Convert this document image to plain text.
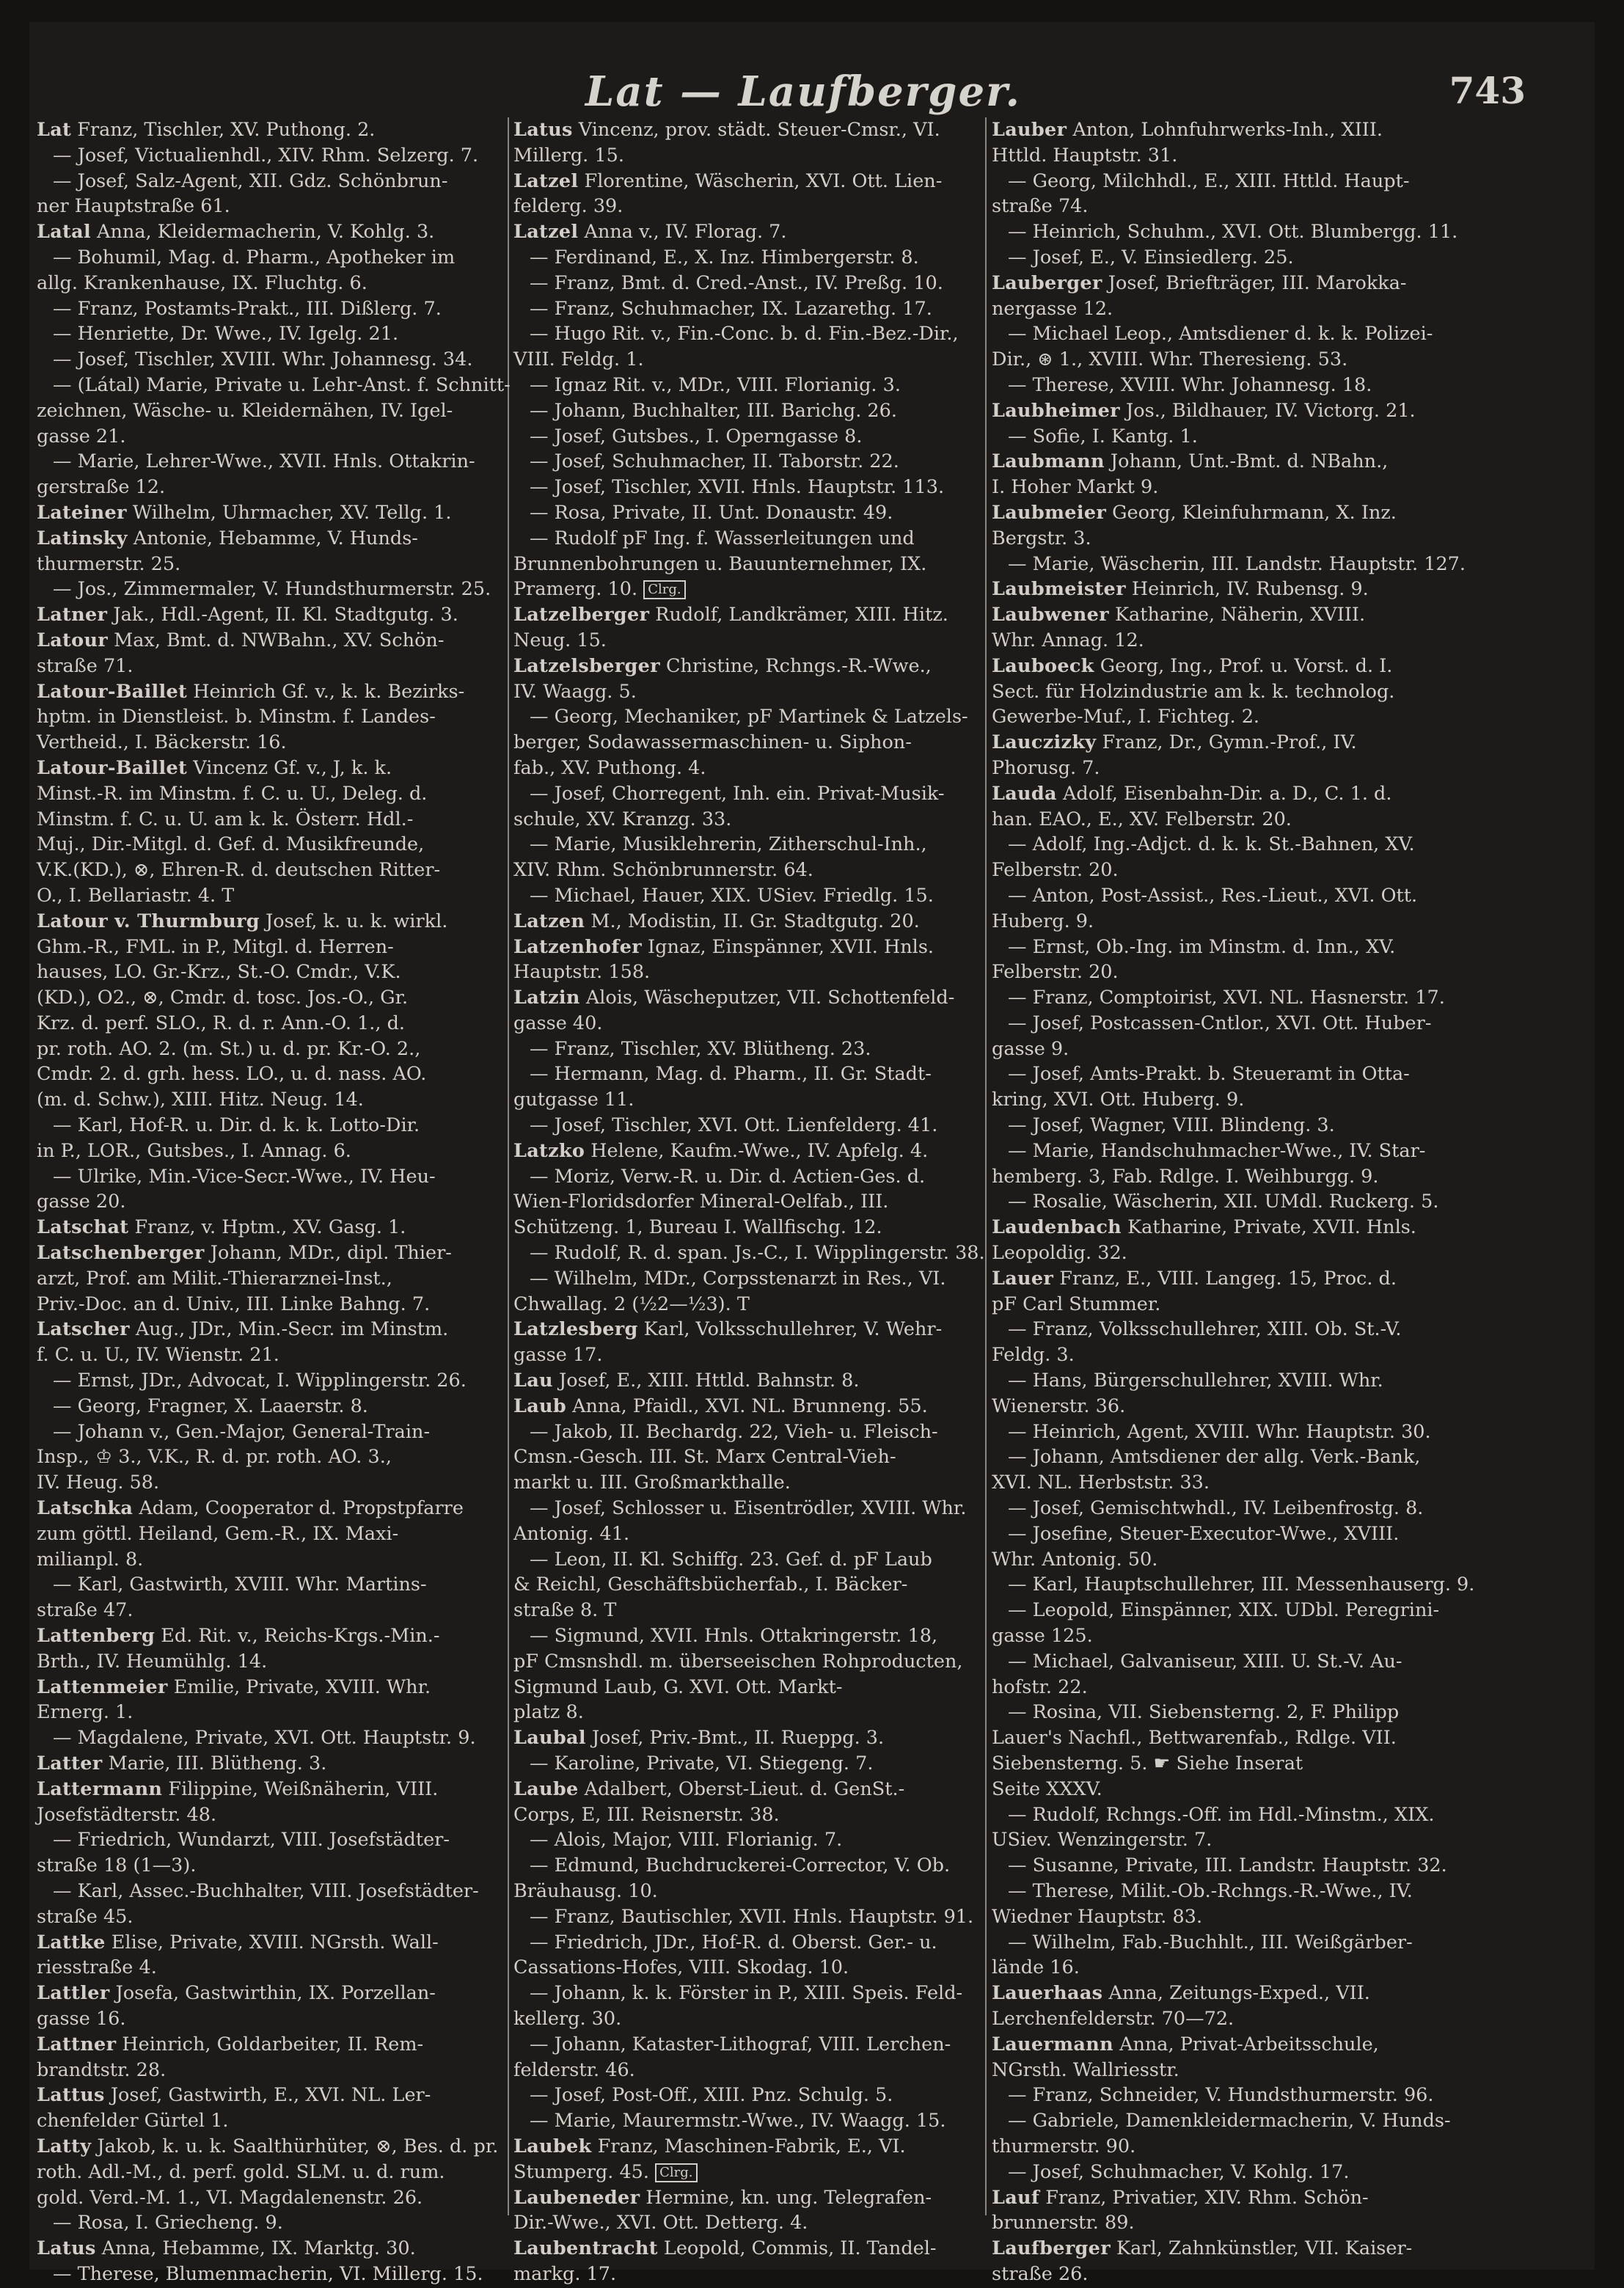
Lat — Laufberger.	743
Lat Franz, Tischler, XV. Puthong. 2.
— Josef, Victualienhdl., XIV. Rhm. Selzerg. 7.
— Josef, Salz-Agent, XII. Gdz. Schönbrun-
ner Hauptstraße 61.
Latal Anna, Kleidermacherin, V. Kohlg. 3.
— Bohumil, Mag. d. Pharm., Apotheker im
allg. Krankenhause, IX. Fluchtg. 6.
— Franz, Postamts-Prakt., III. Dißlerg. 7.
— Henriette, Dr. Wwe., IV. Igelg. 21.
— Josef, Tischler, XVIII. Whr. Johannesg. 34.
— (Látal) Marie, Private u. Lehr-Anst. f. Schnitt-
zeichnen, Wäsche- u. Kleidernähen, IV. Igel-
gasse 21.
— Marie, Lehrer-Wwe., XVII. Hnls. Ottakrin-
gerstraße 12.
Lateiner Wilhelm, Uhrmacher, XV. Tellg. 1.
Latinsky Antonie, Hebamme, V. Hunds-
thurmerstr. 25.
— Jos., Zimmermaler, V. Hundsthurmerstr. 25.
Latner Jak., Hdl.-Agent, II. Kl. Stadtgutg. 3.
Latour Max, Bmt. d. NWBahn., XV. Schön-
straße 71.
Latour-Baillet Heinrich Gf. v., k. k. Bezirks-
hptm. in Dienstleist. b. Minstm. f. Landes-
Vertheid., I. Bäckerstr. 16.
Latour-Baillet Vincenz Gf. v., J, k. k.
Minst.-R. im Minstm. f. C. u. U., Deleg. d.
Minstm. f. C. u. U. am k. k. Österr. Hdl.-
Muj., Dir.-Mitgl. d. Gef. d. Musikfreunde,
V.K.(KD.), ⊗, Ehren-R. d. deutschen Ritter-
O., I. Bellariastr. 4. T
Latour v. Thurmburg Josef, k. u. k. wirkl.
Ghm.-R., FML. in P., Mitgl. d. Herren-
hauses, LO. Gr.-Krz., St.-O. Cmdr., V.K.
(KD.), O2., ⊗, Cmdr. d. tosc. Jos.-O., Gr.
Krz. d. perf. SLO., R. d. r. Ann.-O. 1., d.
pr. roth. AO. 2. (m. St.) u. d. pr. Kr.-O. 2.,
Cmdr. 2. d. grh. hess. LO., u. d. nass. AO.
(m. d. Schw.), XIII. Hitz. Neug. 14.
— Karl, Hof-R. u. Dir. d. k. k. Lotto-Dir.
in P., LOR., Gutsbes., I. Annag. 6.
— Ulrike, Min.-Vice-Secr.-Wwe., IV. Heu-
gasse 20.
Latschat Franz, v. Hptm., XV. Gasg. 1.
Latschenberger Johann, MDr., dipl. Thier-
arzt, Prof. am Milit.-Thierarznei-Inst.,
Priv.-Doc. an d. Univ., III. Linke Bahng. 7.
Latscher Aug., JDr., Min.-Secr. im Minstm.
f. C. u. U., IV. Wienstr. 21.
— Ernst, JDr., Advocat, I. Wipplingerstr. 26.
— Georg, Fragner, X. Laaerstr. 8.
— Johann v., Gen.-Major, General-Train-
Insp., ♔ 3., V.K., R. d. pr. roth. AO. 3.,
IV. Heug. 58.
Latschka Adam, Cooperator d. Propstpfarre
zum göttl. Heiland, Gem.-R., IX. Maxi-
milianpl. 8.
— Karl, Gastwirth, XVIII. Whr. Martins-
straße 47.
Lattenberg Ed. Rit. v., Reichs-Krgs.-Min.-
Brth., IV. Heumühlg. 14.
Lattenmeier Emilie, Private, XVIII. Whr.
Ernerg. 1.
— Magdalene, Private, XVI. Ott. Hauptstr. 9.
Latter Marie, III. Blütheng. 3.
Lattermann Filippine, Weißnäherin, VIII.
Josefstädterstr. 48.
— Friedrich, Wundarzt, VIII. Josefstädter-
straße 18 (1—3).
— Karl, Assec.-Buchhalter, VIII. Josefstädter-
straße 45.
Lattke Elise, Private, XVIII. NGrsth. Wall-
riesstraße 4.
Lattler Josefa, Gastwirthin, IX. Porzellan-
gasse 16.
Lattner Heinrich, Goldarbeiter, II. Rem-
brandtstr. 28.
Lattus Josef, Gastwirth, E., XVI. NL. Ler-
chenfelder Gürtel 1.
Latty Jakob, k. u. k. Saalthürhüter, ⊗, Bes. d. pr.
roth. Adl.-M., d. perf. gold. SLM. u. d. rum.
gold. Verd.-M. 1., VI. Magdalenenstr. 26.
— Rosa, I. Griecheng. 9.
Latus Anna, Hebamme, IX. Marktg. 30.
— Therese, Blumenmacherin, VI. Millerg. 15.
Latus Vincenz, prov. städt. Steuer-Cmsr., VI.
Millerg. 15.
Latzel Florentine, Wäscherin, XVI. Ott. Lien-
felderg. 39.
Latzel Anna v., IV. Florag. 7.
— Ferdinand, E., X. Inz. Himbergerstr. 8.
— Franz, Bmt. d. Cred.-Anst., IV. Preßg. 10.
— Franz, Schuhmacher, IX. Lazarethg. 17.
— Hugo Rit. v., Fin.-Conc. b. d. Fin.-Bez.-Dir.,
VIII. Feldg. 1.
— Ignaz Rit. v., MDr., VIII. Florianig. 3.
— Johann, Buchhalter, III. Barichg. 26.
— Josef, Gutsbes., I. Operngasse 8.
— Josef, Schuhmacher, II. Taborstr. 22.
— Josef, Tischler, XVII. Hnls. Hauptstr. 113.
— Rosa, Private, II. Unt. Donaustr. 49.
— Rudolf pF Ing. f. Wasserleitungen und
Brunnenbohrungen u. Bauunternehmer, IX.
Pramerg. 10. Clrg.
Latzelberger Rudolf, Landkrämer, XIII. Hitz.
Neug. 15.
Latzelsberger Christine, Rchngs.-R.-Wwe.,
IV. Waagg. 5.
— Georg, Mechaniker, pF Martinek & Latzels-
berger, Sodawassermaschinen- u. Siphon-
fab., XV. Puthong. 4.
— Josef, Chorregent, Inh. ein. Privat-Musik-
schule, XV. Kranzg. 33.
— Marie, Musiklehrerin, Zitherschul-Inh.,
XIV. Rhm. Schönbrunnerstr. 64.
— Michael, Hauer, XIX. USiev. Friedlg. 15.
Latzen M., Modistin, II. Gr. Stadtgutg. 20.
Latzenhofer Ignaz, Einspänner, XVII. Hnls.
Hauptstr. 158.
Latzin Alois, Wäscheputzer, VII. Schottenfeld-
gasse 40.
— Franz, Tischler, XV. Blütheng. 23.
— Hermann, Mag. d. Pharm., II. Gr. Stadt-
gutgasse 11.
— Josef, Tischler, XVI. Ott. Lienfelderg. 41.
Latzko Helene, Kaufm.-Wwe., IV. Apfelg. 4.
— Moriz, Verw.-R. u. Dir. d. Actien-Ges. d.
Wien-Floridsdorfer Mineral-Oelfab., III.
Schützeng. 1, Bureau I. Wallfischg. 12.
— Rudolf, R. d. span. Js.-C., I. Wipplingerstr. 38.
— Wilhelm, MDr., Corpsstenarzt in Res., VI.
Chwallag. 2 (½2—½3). T
Latzlesberg Karl, Volksschullehrer, V. Wehr-
gasse 17.
Lau Josef, E., XIII. Httld. Bahnstr. 8.
Laub Anna, Pfaidl., XVI. NL. Brunneng. 55.
— Jakob, II. Bechardg. 22, Vieh- u. Fleisch-
Cmsn.-Gesch. III. St. Marx Central-Vieh-
markt u. III. Großmarkthalle.
— Josef, Schlosser u. Eisentrödler, XVIII. Whr.
Antonig. 41.
— Leon, II. Kl. Schiffg. 23. Gef. d. pF Laub
& Reichl, Geschäftsbücherfab., I. Bäcker-
straße 8. T
— Sigmund, XVII. Hnls. Ottakringerstr. 18,
pF Cmsnshdl. m. überseeischen Rohproducten,
Sigmund Laub, G. XVI. Ott. Markt-
platz 8.
Laubal Josef, Priv.-Bmt., II. Rueppg. 3.
— Karoline, Private, VI. Stiegeng. 7.
Laube Adalbert, Oberst-Lieut. d. GenSt.-
Corps, E, III. Reisnerstr. 38.
— Alois, Major, VIII. Florianig. 7.
— Edmund, Buchdruckerei-Corrector, V. Ob.
Bräuhausg. 10.
— Franz, Bautischler, XVII. Hnls. Hauptstr. 91.
— Friedrich, JDr., Hof-R. d. Oberst. Ger.- u.
Cassations-Hofes, VIII. Skodag. 10.
— Johann, k. k. Förster in P., XIII. Speis. Feld-
kellerg. 30.
— Johann, Kataster-Lithograf, VIII. Lerchen-
felderstr. 46.
— Josef, Post-Off., XIII. Pnz. Schulg. 5.
— Marie, Maurermstr.-Wwe., IV. Waagg. 15.
Laubek Franz, Maschinen-Fabrik, E., VI.
Stumperg. 45. Clrg.
Laubeneder Hermine, kn. ung. Telegrafen-
Dir.-Wwe., XVI. Ott. Detterg. 4.
Laubentracht Leopold, Commis, II. Tandel-
markg. 17.
Lauber Anton, Lohnfuhrwerks-Inh., XIII.
Httld. Hauptstr. 31.
— Georg, Milchhdl., E., XIII. Httld. Haupt-
straße 74.
— Heinrich, Schuhm., XVI. Ott. Blumbergg. 11.
— Josef, E., V. Einsiedlerg. 25.
Lauberger Josef, Briefträger, III. Marokka-
nergasse 12.
— Michael Leop., Amtsdiener d. k. k. Polizei-
Dir., ⊛ 1., XVIII. Whr. Theresieng. 53.
— Therese, XVIII. Whr. Johannesg. 18.
Laubheimer Jos., Bildhauer, IV. Victorg. 21.
— Sofie, I. Kantg. 1.
Laubmann Johann, Unt.-Bmt. d. NBahn.,
I. Hoher Markt 9.
Laubmeier Georg, Kleinfuhrmann, X. Inz.
Bergstr. 3.
— Marie, Wäscherin, III. Landstr. Hauptstr. 127.
Laubmeister Heinrich, IV. Rubensg. 9.
Laubwener Katharine, Näherin, XVIII.
Whr. Annag. 12.
Lauboeck Georg, Ing., Prof. u. Vorst. d. I.
Sect. für Holzindustrie am k. k. technolog.
Gewerbe-Muf., I. Fichteg. 2.
Lauczizky Franz, Dr., Gymn.-Prof., IV.
Phorusg. 7.
Lauda Adolf, Eisenbahn-Dir. a. D., C. 1. d.
han. EAO., E., XV. Felberstr. 20.
— Adolf, Ing.-Adjct. d. k. k. St.-Bahnen, XV.
Felberstr. 20.
— Anton, Post-Assist., Res.-Lieut., XVI. Ott.
Huberg. 9.
— Ernst, Ob.-Ing. im Minstm. d. Inn., XV.
Felberstr. 20.
— Franz, Comptoirist, XVI. NL. Hasnerstr. 17.
— Josef, Postcassen-Cntlor., XVI. Ott. Huber-
gasse 9.
— Josef, Amts-Prakt. b. Steueramt in Otta-
kring, XVI. Ott. Huberg. 9.
— Josef, Wagner, VIII. Blindeng. 3.
— Marie, Handschuhmacher-Wwe., IV. Star-
hemberg. 3, Fab. Rdlge. I. Weihburgg. 9.
— Rosalie, Wäscherin, XII. UMdl. Ruckerg. 5.
Laudenbach Katharine, Private, XVII. Hnls.
Leopoldig. 32.
Lauer Franz, E., VIII. Langeg. 15, Proc. d.
pF Carl Stummer.
— Franz, Volksschullehrer, XIII. Ob. St.-V.
Feldg. 3.
— Hans, Bürgerschullehrer, XVIII. Whr.
Wienerstr. 36.
— Heinrich, Agent, XVIII. Whr. Hauptstr. 30.
— Johann, Amtsdiener der allg. Verk.-Bank,
XVI. NL. Herbststr. 33.
— Josef, Gemischtwhdl., IV. Leibenfrostg. 8.
— Josefine, Steuer-Executor-Wwe., XVIII.
Whr. Antonig. 50.
— Karl, Hauptschullehrer, III. Messenhauserg. 9.
— Leopold, Einspänner, XIX. UDbl. Peregrini-
gasse 125.
— Michael, Galvaniseur, XIII. U. St.-V. Au-
hofstr. 22.
— Rosina, VII. Siebensterng. 2, F. Philipp
Lauer's Nachfl., Bettwarenfab., Rdlge. VII.
Siebensterng. 5. ☛ Siehe Inserat
Seite XXXV.
— Rudolf, Rchngs.-Off. im Hdl.-Minstm., XIX.
USiev. Wenzingerstr. 7.
— Susanne, Private, III. Landstr. Hauptstr. 32.
— Therese, Milit.-Ob.-Rchngs.-R.-Wwe., IV.
Wiedner Hauptstr. 83.
— Wilhelm, Fab.-Buchhlt., III. Weißgärber-
lände 16.
Lauerhaas Anna, Zeitungs-Exped., VII.
Lerchenfelderstr. 70—72.
Lauermann Anna, Privat-Arbeitsschule,
NGrsth. Wallriesstr.
— Franz, Schneider, V. Hundsthurmerstr. 96.
— Gabriele, Damenkleidermacherin, V. Hunds-
thurmerstr. 90.
— Josef, Schuhmacher, V. Kohlg. 17.
Lauf Franz, Privatier, XIV. Rhm. Schön-
brunnerstr. 89.
Laufberger Karl, Zahnkünstler, VII. Kaiser-
straße 26.
